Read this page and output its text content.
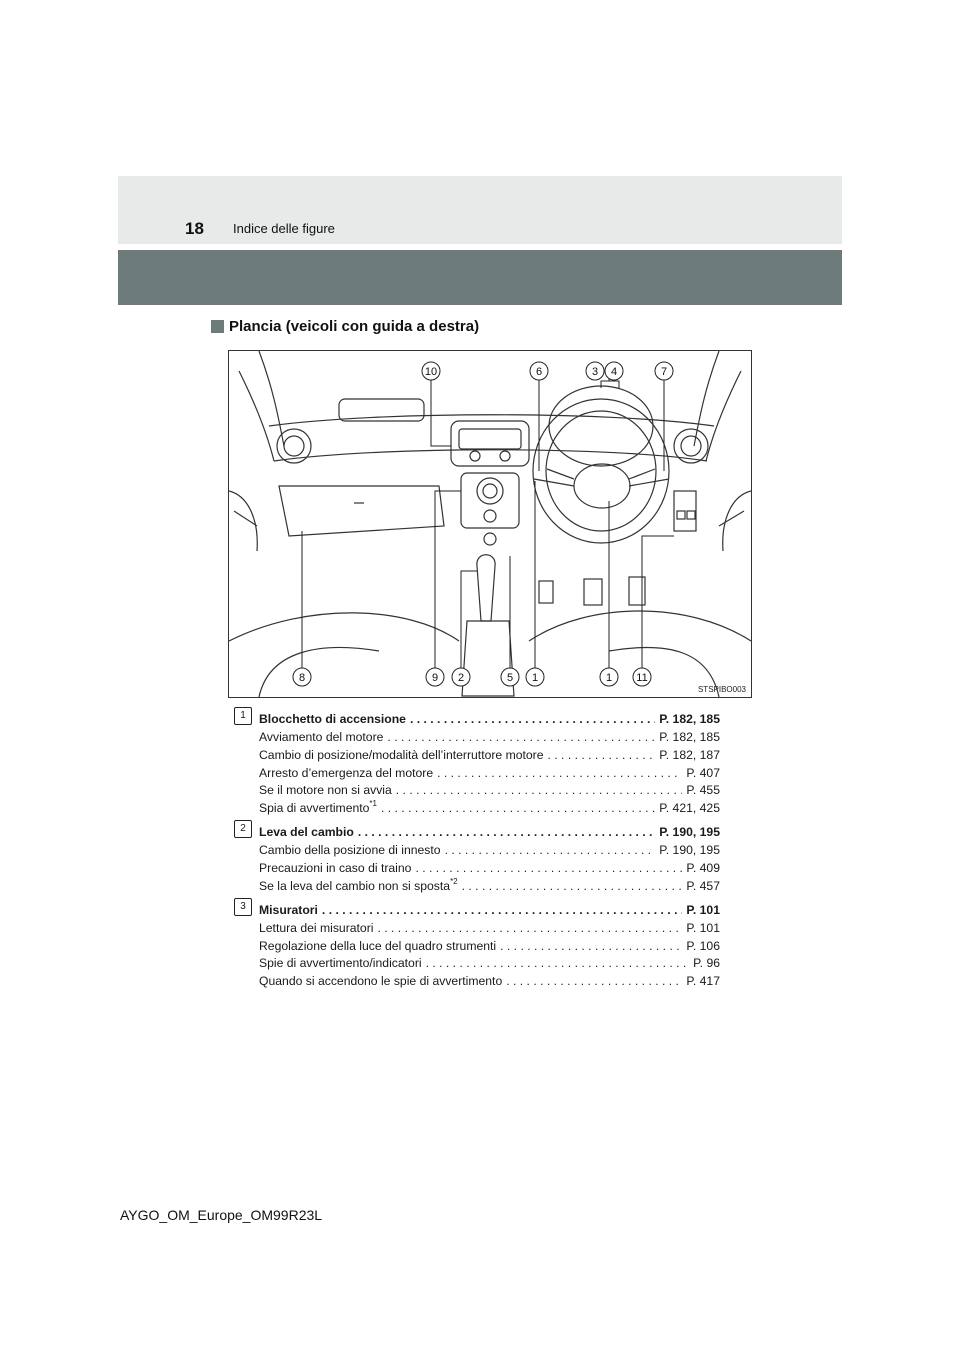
18 Indice delle figure
Plancia (veicoli con guida a destra)
10	6	3 4	7
8	9 2	5 1	1 11
STSPIBO003
1	Blocchetto di accensione . . .	P. 182, 185
Avviamento del motore . . .	P. 182, 185
Cambio di posizione/modalità dell’interruttore motore . . .	P. 182, 187
Arresto d’emergenza del motore . . .	P. 407
Se il motore non si avvia . . .	P. 455
Spia di avvertimento$^{*1}$ . . .	P. 421, 425
2	Leva del cambio . . .	P. 190, 195
Cambio della posizione di innesto . . .	P. 190, 195
Precauzioni in caso di traino . . .	P. 409
Se la leva del cambio non si sposta$^{*2}$ . . .	P. 457
3	Misuratori . . .	P. 101
Lettura dei misuratori . . .	P. 101
Regolazione della luce del quadro strumenti . . .	P. 106
Spie di avvertimento/indicatori . . .	P. 96
Quando si accendono le spie di avvertimento . . .	P. 417
AYGO_OM_Europe_OM99R23L
